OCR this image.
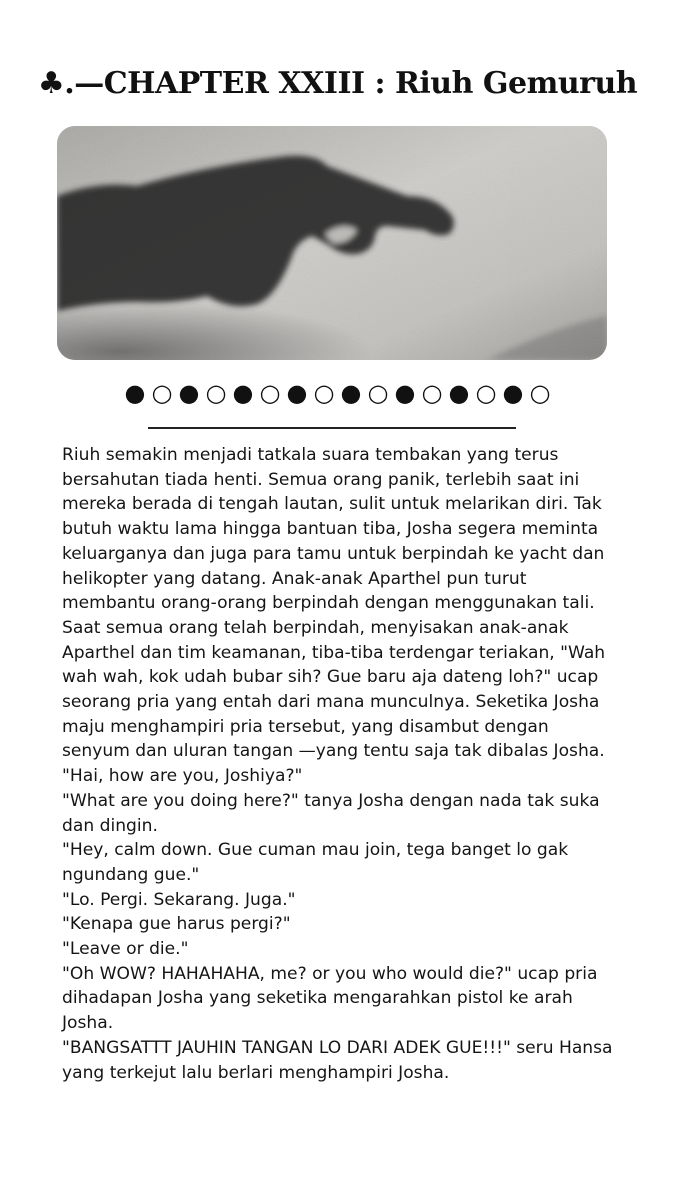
♣.—CHAPTER XXIII : Riuh Gemuruh
● ○ ● ○ ● ○ ● ○ ● ○ ● ○ ● ○ ● ○

Riuh semakin menjadi tatkala suara tembakan yang terus bersahutan tiada henti. Semua orang panik, terlebih saat ini mereka berada di tengah lautan, sulit untuk melarikan diri. Tak butuh waktu lama hingga bantuan tiba, Josha segera meminta keluarganya dan juga para tamu untuk berpindah ke yacht dan helikopter yang datang. Anak-anak Aparthel pun turut membantu orang-orang berpindah dengan menggunakan tali. Saat semua orang telah berpindah, menyisakan anak-anak Aparthel dan tim keamanan, tiba-tiba terdengar teriakan, "Wah wah wah, kok udah bubar sih? Gue baru aja dateng loh?" ucap seorang pria yang entah dari mana munculnya. Seketika Josha maju menghampiri pria tersebut, yang disambut dengan senyum dan uluran tangan —yang tentu saja tak dibalas Josha.

"Hai, how are you, Joshiya?"

"What are you doing here?" tanya Josha dengan nada tak suka dan dingin.

"Hey, calm down. Gue cuman mau join, tega banget lo gak ngundang gue."

"Lo. Pergi. Sekarang. Juga."

"Kenapa gue harus pergi?"

"Leave or die."

"Oh WOW? HAHAHAHA, me? or you who would die?" ucap pria dihadapan Josha yang seketika mengarahkan pistol ke arah Josha.

"BANGSATTT JAUHIN TANGAN LO DARI ADEK GUE!!!" seru Hansa yang terkejut lalu berlari menghampiri Josha.
